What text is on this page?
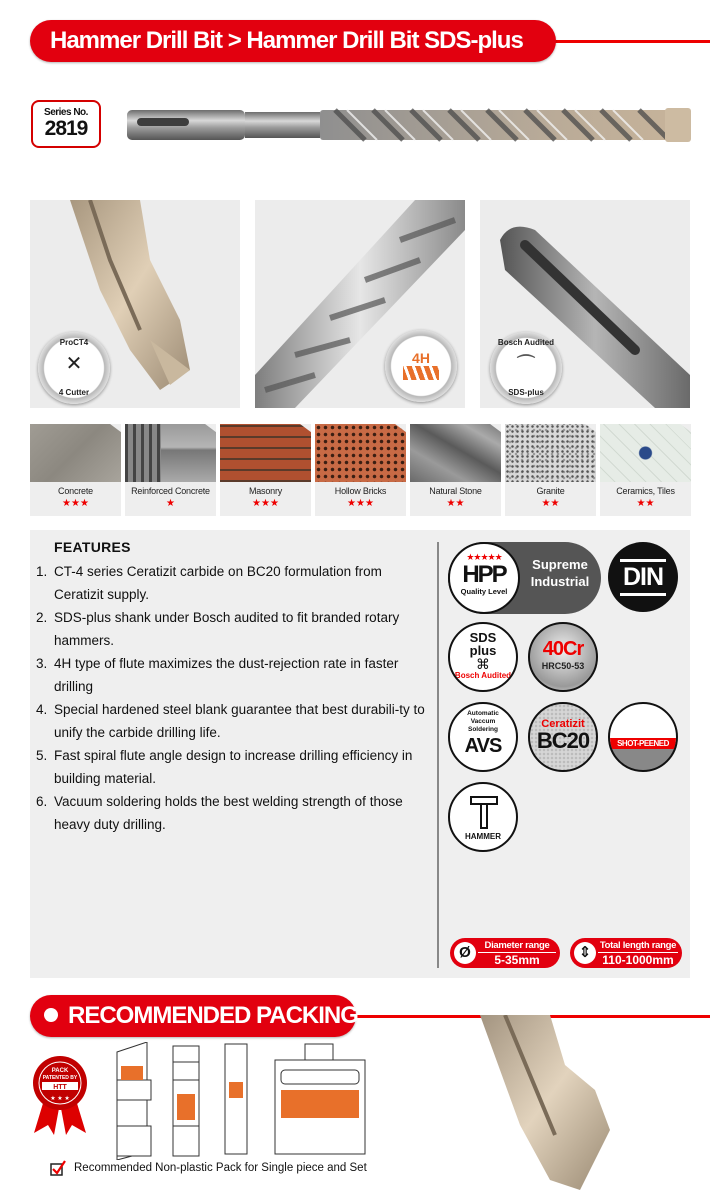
Hammer Drill Bit > Hammer Drill Bit SDS-plus
Series No.
2819
ProCT4
✕
4 Cutter
4H
Bosch Audited
⌒
SDS-plus
Concrete
★★★
Reinforced Concrete
★
Masonry
★★★
Hollow Bricks
★★★
Natural Stone
★★
Granite
★★
Ceramics, Tiles
★★
FEATURES
1. CT-4 series Ceratizit carbide on BC20 formulation from Ceratizit supply.
2. SDS-plus shank under Bosch audited to fit branded rotary hammers.
3. 4H type of flute maximizes the dust-rejection rate in faster drilling
4. Special hardened steel blank guarantee that best durabili-ty to unify the carbide drilling life.
5. Fast spiral flute angle design to increase drilling efficiency in building material.
6. Vacuum soldering holds the best welding strength of those heavy duty drilling.
★★★★★
HPP
Quality Level
Supreme Industrial	DIN
SDS
plus
⌘
Bosch Audited
40Cr
HRC50-53
Automatic Vaccum Soldering
AVS
Ceratizit
BC20	SHOT-PEENED
HAMMER
Ø	Diameter range
5-35mm	⇕ Total length range
110-1000mm
RECOMMENDED PACKING
PACK
PATENTED BY
HTT
★ ★ ★
Recommended Non-plastic Pack for Single piece and Set
